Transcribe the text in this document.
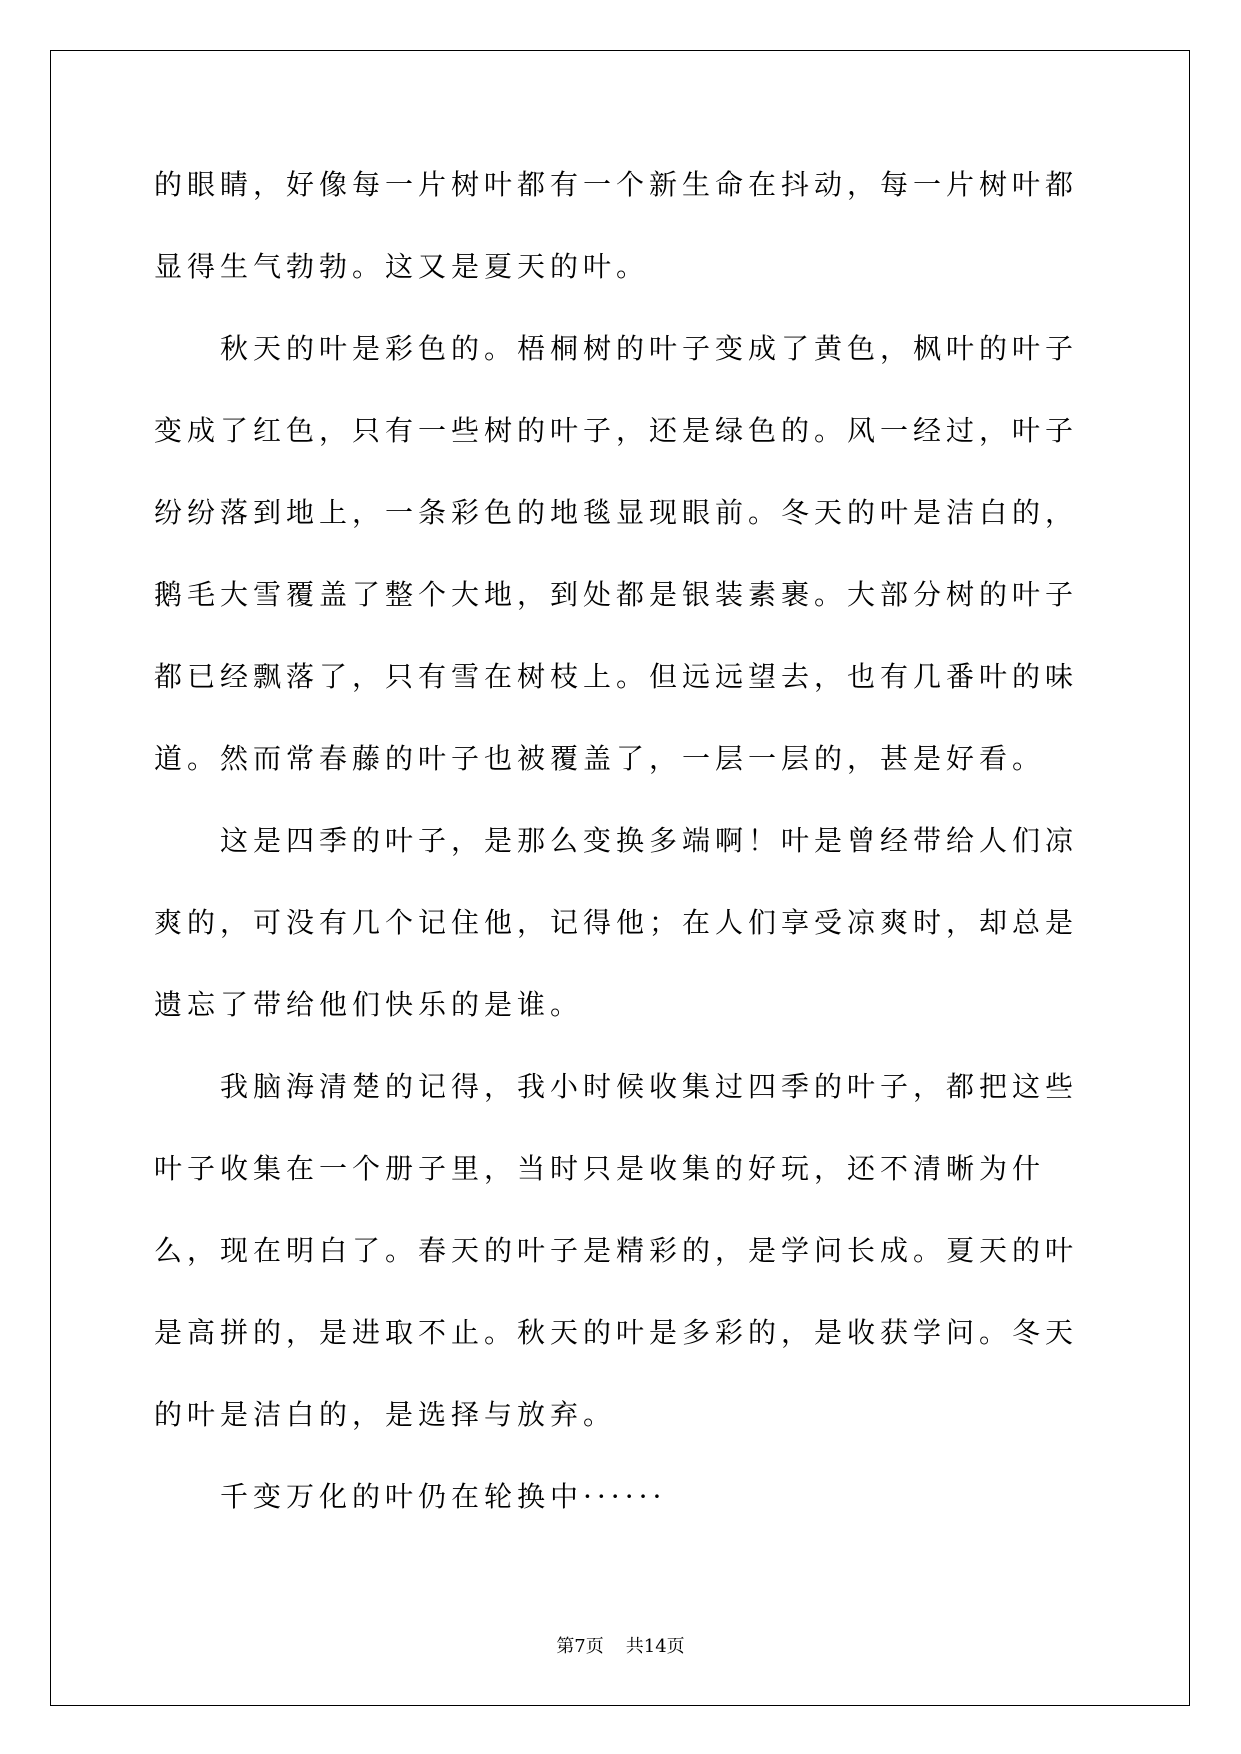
的眼睛，好像每一片树叶都有一个新生命在抖动，每一片树叶都显得生气勃勃。这又是夏天的叶。

秋天的叶是彩色的。梧桐树的叶子变成了黄色，枫叶的叶子变成了红色，只有一些树的叶子，还是绿色的。风一经过，叶子纷纷落到地上，一条彩色的地毯显现眼前。冬天的叶是洁白的，鹅毛大雪覆盖了整个大地，到处都是银装素裹。大部分树的叶子都已经飘落了，只有雪在树枝上。但远远望去，也有几番叶的味道。然而常春藤的叶子也被覆盖了，一层一层的，甚是好看。

这是四季的叶子，是那么变换多端啊！叶是曾经带给人们凉爽的，可没有几个记住他，记得他；在人们享受凉爽时，却总是遗忘了带给他们快乐的是谁。

我脑海清楚的记得，我小时候收集过四季的叶子，都把这些叶子收集在一个册子里，当时只是收集的好玩，还不清晰为什么，现在明白了。春天的叶子是精彩的，是学问长成。夏天的叶是高拼的，是进取不止。秋天的叶是多彩的，是收获学问。冬天的叶是洁白的，是选择与放弃。

千变万化的叶仍在轮换中······

第7页 共14页
